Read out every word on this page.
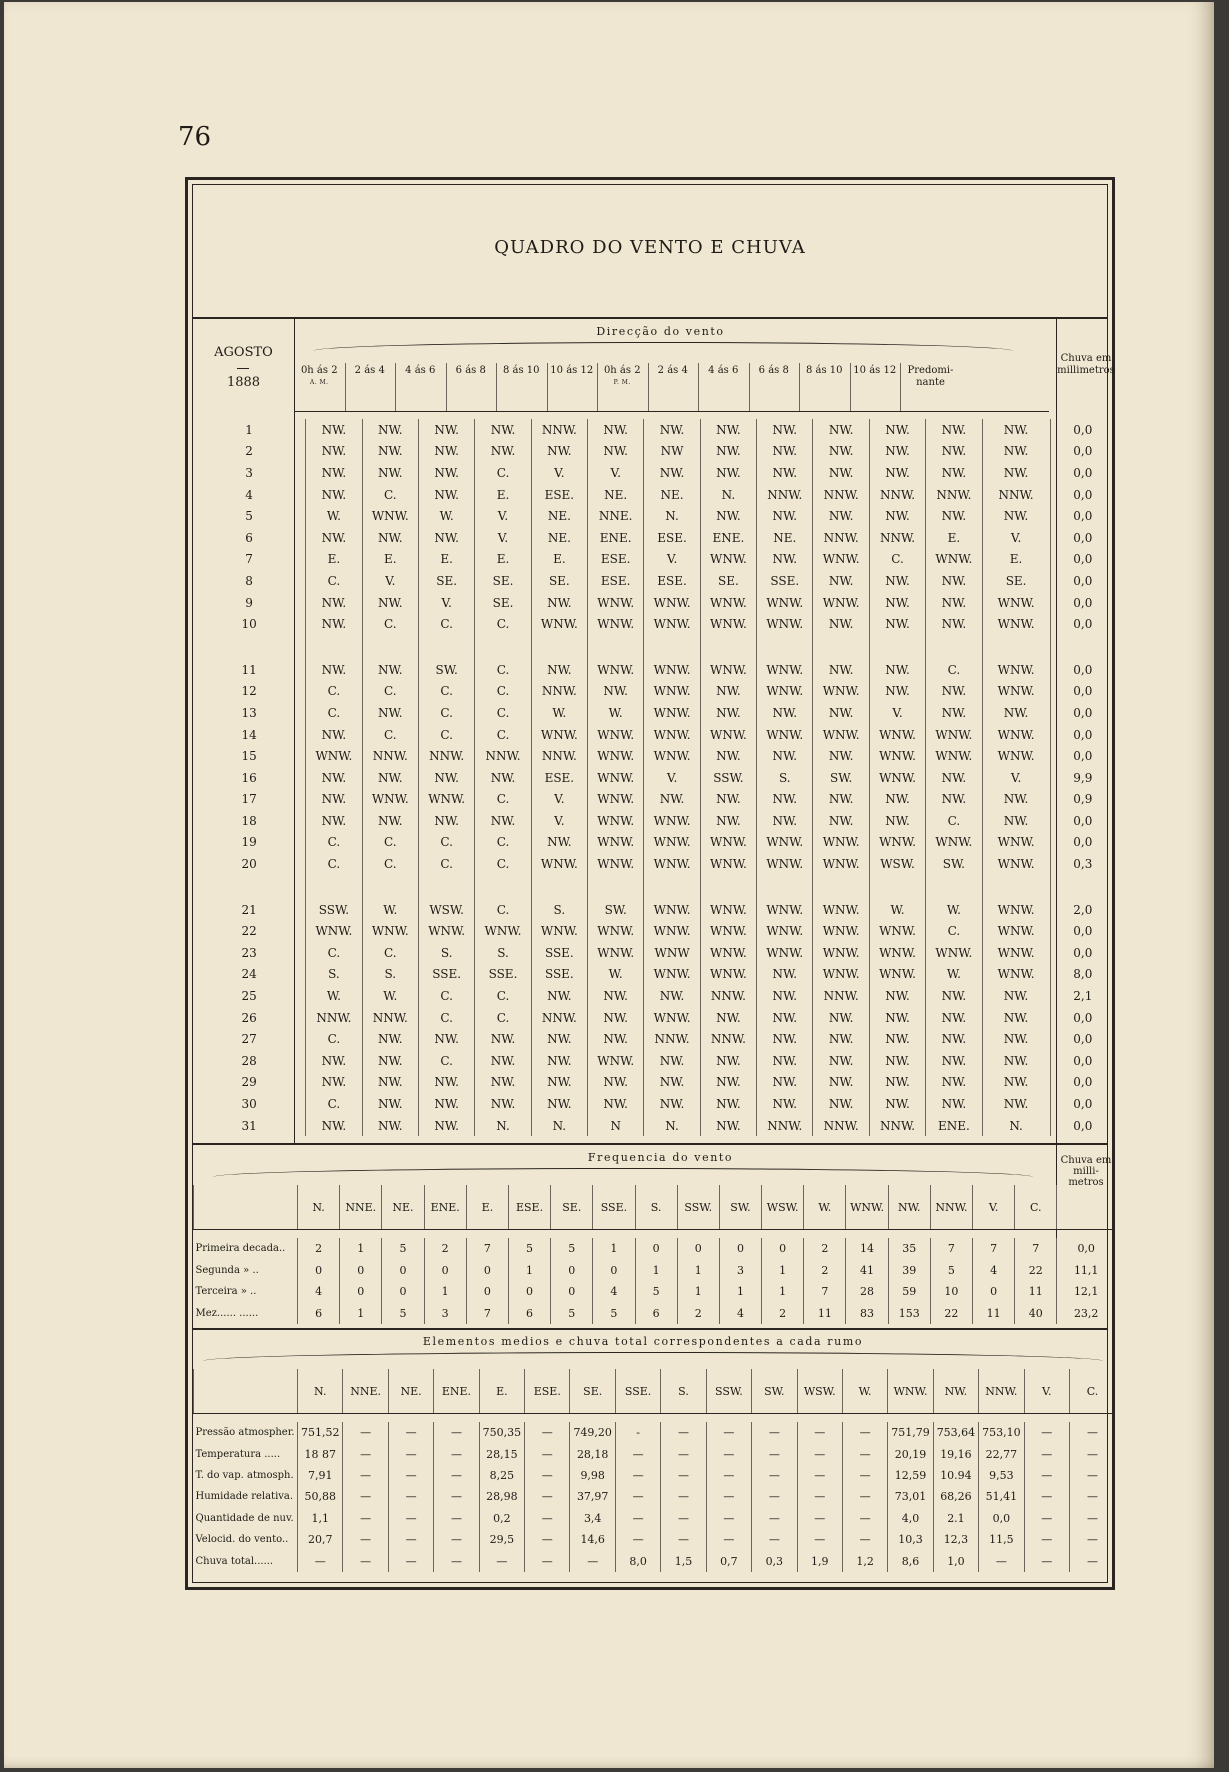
76
QUADRO DO VENTO E CHUVA
Direcção do vento
AGOSTO
1888
Chuva em millimetros
0h ás 2
A. M.
2 ás 4	4 ás 6	6 ás 8	8 ás 10	10 ás 12	0h ás 2
P. M.
2 ás 4	4 ás 6	6 ás 8	8 ás 10	10 ás 12	Predomi- nante
1	NW.	NW.	NW.	NW.	NNW.	NW.	NW.	NW.	NW.	NW.	NW.	NW.	NW.	0,0
2	NW.	NW.	NW.	NW.	NW.	NW.	NW	NW.	NW.	NW.	NW.	NW.	NW.	0,0
3	NW.	NW.	NW.	C.	V.	V.	NW.	NW.	NW.	NW.	NW.	NW.	NW.	0,0
4	NW.	C.	NW.	E.	ESE.	NE.	NE.	N.	NNW.	NNW.	NNW.	NNW.	NNW.	0,0
5	W.	WNW.	W.	V.	NE.	NNE.	N.	NW.	NW.	NW.	NW.	NW.	NW.	0,0
6	NW.	NW.	NW.	V.	NE.	ENE.	ESE.	ENE.	NE.	NNW.	NNW.	E.	V.	0,0
7	E.	E.	E.	E.	E.	ESE.	V.	WNW.	NW.	WNW.	C.	WNW.	E.	0,0
8	C.	V.	SE.	SE.	SE.	ESE.	ESE.	SE.	SSE.	NW.	NW.	NW.	SE.	0,0
9	NW.	NW.	V.	SE.	NW.	WNW.	WNW.	WNW.	WNW.	WNW.	NW.	NW.	WNW.	0,0
10	NW.	C.	C.	C.	WNW.	WNW.	WNW.	WNW.	WNW.	NW.	NW.	NW.	WNW.	0,0

11	NW.	NW.	SW.	C.	NW.	WNW.	WNW.	WNW.	WNW.	NW.	NW.	C.	WNW.	0,0
12	C.	C.	C.	C.	NNW.	NW.	WNW.	NW.	WNW.	WNW.	NW.	NW.	WNW.	0,0
13	C.	NW.	C.	C.	W.	W.	WNW.	NW.	NW.	NW.	V.	NW.	NW.	0,0
14	NW.	C.	C.	C.	WNW.	WNW.	WNW.	WNW.	WNW.	WNW.	WNW.	WNW.	WNW.	0,0
15	WNW.	NNW.	NNW.	NNW.	NNW.	WNW.	WNW.	NW.	NW.	NW.	WNW.	WNW.	WNW.	0,0
16	NW.	NW.	NW.	NW.	ESE.	WNW.	V.	SSW.	S.	SW.	WNW.	NW.	V.	9,9
17	NW.	WNW.	WNW.	C.	V.	WNW.	NW.	NW.	NW.	NW.	NW.	NW.	NW.	0,9
18	NW.	NW.	NW.	NW.	V.	WNW.	WNW.	NW.	NW.	NW.	NW.	C.	NW.	0,0
19	C.	C.	C.	C.	NW.	WNW.	WNW.	WNW.	WNW.	WNW.	WNW.	WNW.	WNW.	0,0
20	C.	C.	C.	C.	WNW.	WNW.	WNW.	WNW.	WNW.	WNW.	WSW.	SW.	WNW.	0,3

21	SSW.	W.	WSW.	C.	S.	SW.	WNW.	WNW.	WNW.	WNW.	W.	W.	WNW.	2,0
22	WNW.	WNW.	WNW.	WNW.	WNW.	WNW.	WNW.	WNW.	WNW.	WNW.	WNW.	C.	WNW.	0,0
23	C.	C.	S.	S.	SSE.	WNW.	WNW	WNW.	WNW.	WNW.	WNW.	WNW.	WNW.	0,0
24	S.	S.	SSE.	SSE.	SSE.	W.	WNW.	WNW.	NW.	WNW.	WNW.	W.	WNW.	8,0
25	W.	W.	C.	C.	NW.	NW.	NW.	NNW.	NW.	NNW.	NW.	NW.	NW.	2,1
26	NNW.	NNW.	C.	C.	NNW.	NW.	WNW.	NW.	NW.	NW.	NW.	NW.	NW.	0,0
27	C.	NW.	NW.	NW.	NW.	NW.	NNW.	NNW.	NW.	NW.	NW.	NW.	NW.	0,0
28	NW.	NW.	C.	NW.	NW.	WNW.	NW.	NW.	NW.	NW.	NW.	NW.	NW.	0,0
29	NW.	NW.	NW.	NW.	NW.	NW.	NW.	NW.	NW.	NW.	NW.	NW.	NW.	0,0
30	C.	NW.	NW.	NW.	NW.	NW.	NW.	NW.	NW.	NW.	NW.	NW.	NW.	0,0
31	NW.	NW.	NW.	N.	N.	N	N.	NW.	NNW.	NNW.	NNW.	ENE.	N.	0,0
Frequencia do vento	Chuva em milli- metros
	N.	NNE.	NE.	ENE.	E.	ESE.	SE.	SSE.	S.	SSW.	SW.	WSW.	W.	WNW.	NW.	NNW.	V.	C.	

Primeira decada..	2	1	5	2	7	5	5	1	0	0	0	0	2	14	35	7	7	7	0,0
Segunda » ..	0	0	0	0	0	1	0	0	1	1	3	1	2	41	39	5	4	22	11,1
Terceira » ..	4	0	0	1	0	0	0	4	5	1	1	1	7	28	59	10	0	11	12,1
Mez...... ......	6	1	5	3	7	6	5	5	6	2	4	2	11	83	153	22	11	40	23,2
Elementos medios e chuva total correspondentes a cada rumo
	N.	NNE.	NE.	ENE.	E.	ESE.	SE.	SSE.	S.	SSW.	SW.	WSW.	W.	WNW.	NW.	NNW.	V.	C.

Pressão atmospher.	751,52	—	—	—	750,35	—	749,20	-	—	—	—	—	—	751,79	753,64	753,10	—	—
Temperatura .....	18 87	—	—	—	28,15	—	28,18	—	—	—	—	—	—	20,19	19,16	22,77	—	—
T. do vap. atmosph.	7,91	—	—	—	8,25	—	9,98	—	—	—	—	—	—	12,59	10.94	9,53	—	—
Humidade relativa.	50,88	—	—	—	28,98	—	37,97	—	—	—	—	—	—	73,01	68,26	51,41	—	—
Quantidade de nuv.	1,1	—	—	—	0,2	—	3,4	—	—	—	—	—	—	4,0	2.1	0,0	—	—
Velocid. do vento..	20,7	—	—	—	29,5	—	14,6	—	—	—	—	—	—	10,3	12,3	11,5	—	—
Chuva total......	—	—	—	—	—	—	—	8,0	1,5	0,7	0,3	1,9	1,2	8,6	1,0	—	—	—
